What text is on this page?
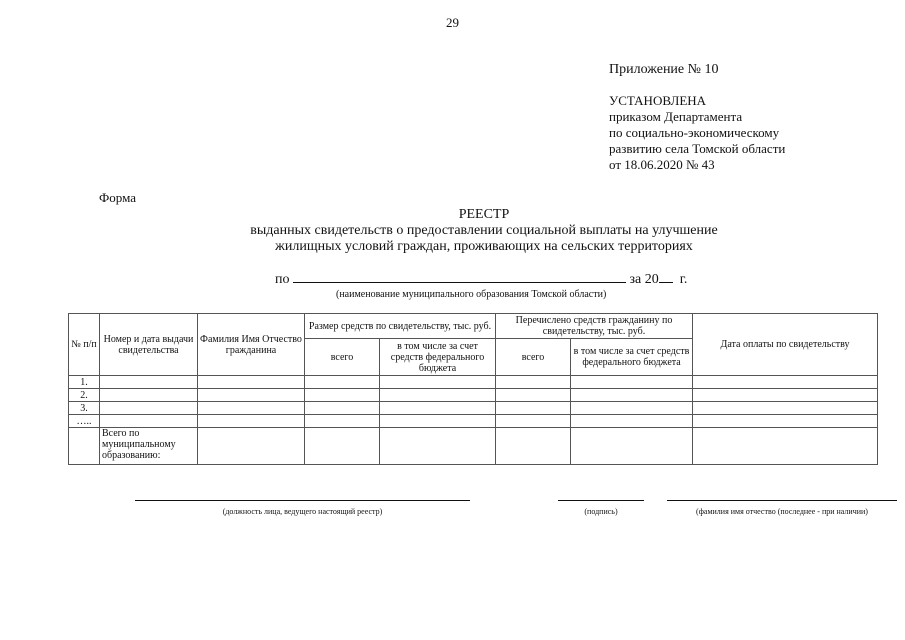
29
Приложение № 10
УСТАНОВЛЕНА
приказом Департамента
по социально-экономическому
развитию села Томской области
от 18.06.2020 № 43
Форма
РЕЕСТР
выданных свидетельств о предоставлении социальной выплаты на улучшение
жилищных условий граждан, проживающих на сельских территориях
по	за 20 г.
(наименование муниципального образования Томской области)
№ п/п	Номер и дата выдачи свидетельства	Фамилия Имя Отчество гражданина	Размер средств по свидетельству, тыс. руб.		Перечислено средств гражданину по свидетельству, тыс. руб.		Дата оплаты по свидетельству
			всего	в том числе за счет средств федерального бюджета	всего	в том числе за счет средств федерального бюджета	
1.							
2.							
3.							
…..							
	Всего по муниципальному образованию:						
(должность лица, ведущего настоящий реестр)	(подпись)	(фамилия имя отчество (последнее - при наличии)
